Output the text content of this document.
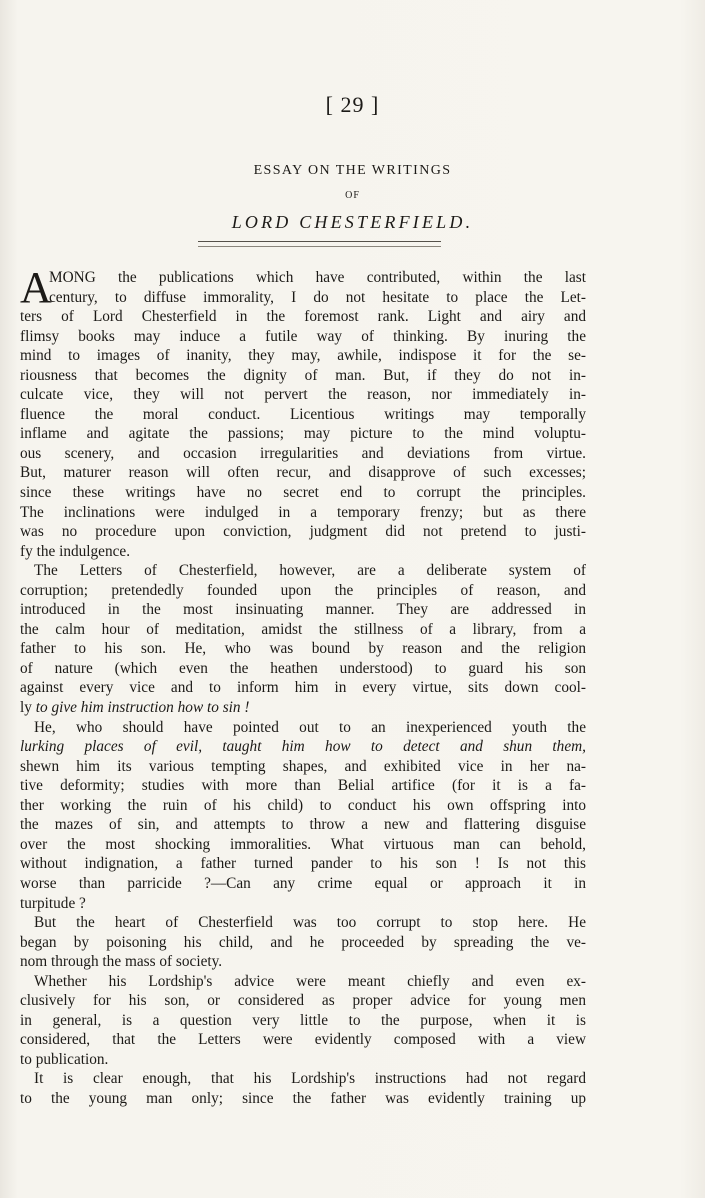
[ 29 ]
ESSAY ON THE WRITINGS
OF
LORD CHESTERFIELD.
A
MONG the publications which have contributed, within the last
century, to diffuse immorality, I do not hesitate to place the Let-
ters of Lord Chesterfield in the foremost rank. Light and airy and
flimsy books may induce a futile way of thinking. By inuring the
mind to images of inanity, they may, awhile, indispose it for the se-
riousness that becomes the dignity of man. But, if they do not in-
culcate vice, they will not pervert the reason, nor immediately in-
fluence the moral conduct. Licentious writings may temporally
inflame and agitate the passions; may picture to the mind voluptu-
ous scenery, and occasion irregularities and deviations from virtue.
But, maturer reason will often recur, and disapprove of such excesses;
since these writings have no secret end to corrupt the principles.
The inclinations were indulged in a temporary frenzy; but as there
was no procedure upon conviction, judgment did not pretend to justi-
fy the indulgence.
The Letters of Chesterfield, however, are a deliberate system of
corruption; pretendedly founded upon the principles of reason, and
introduced in the most insinuating manner. They are addressed in
the calm hour of meditation, amidst the stillness of a library, from a
father to his son. He, who was bound by reason and the religion
of nature (which even the heathen understood) to guard his son
against every vice and to inform him in every virtue, sits down cool-
ly to give him instruction how to sin !
He, who should have pointed out to an inexperienced youth the
lurking places of evil, taught him how to detect and shun them,
shewn him its various tempting shapes, and exhibited vice in her na-
tive deformity; studies with more than Belial artifice (for it is a fa-
ther working the ruin of his child) to conduct his own offspring into
the mazes of sin, and attempts to throw a new and flattering disguise
over the most shocking immoralities. What virtuous man can behold,
without indignation, a father turned pander to his son ! Is not this
worse than parricide ?—Can any crime equal or approach it in
turpitude ?
But the heart of Chesterfield was too corrupt to stop here. He
began by poisoning his child, and he proceeded by spreading the ve-
nom through the mass of society.
Whether his Lordship's advice were meant chiefly and even ex-
clusively for his son, or considered as proper advice for young men
in general, is a question very little to the purpose, when it is
considered, that the Letters were evidently composed with a view
to publication.
It is clear enough, that his Lordship's instructions had not regard
to the young man only; since the father was evidently training up
